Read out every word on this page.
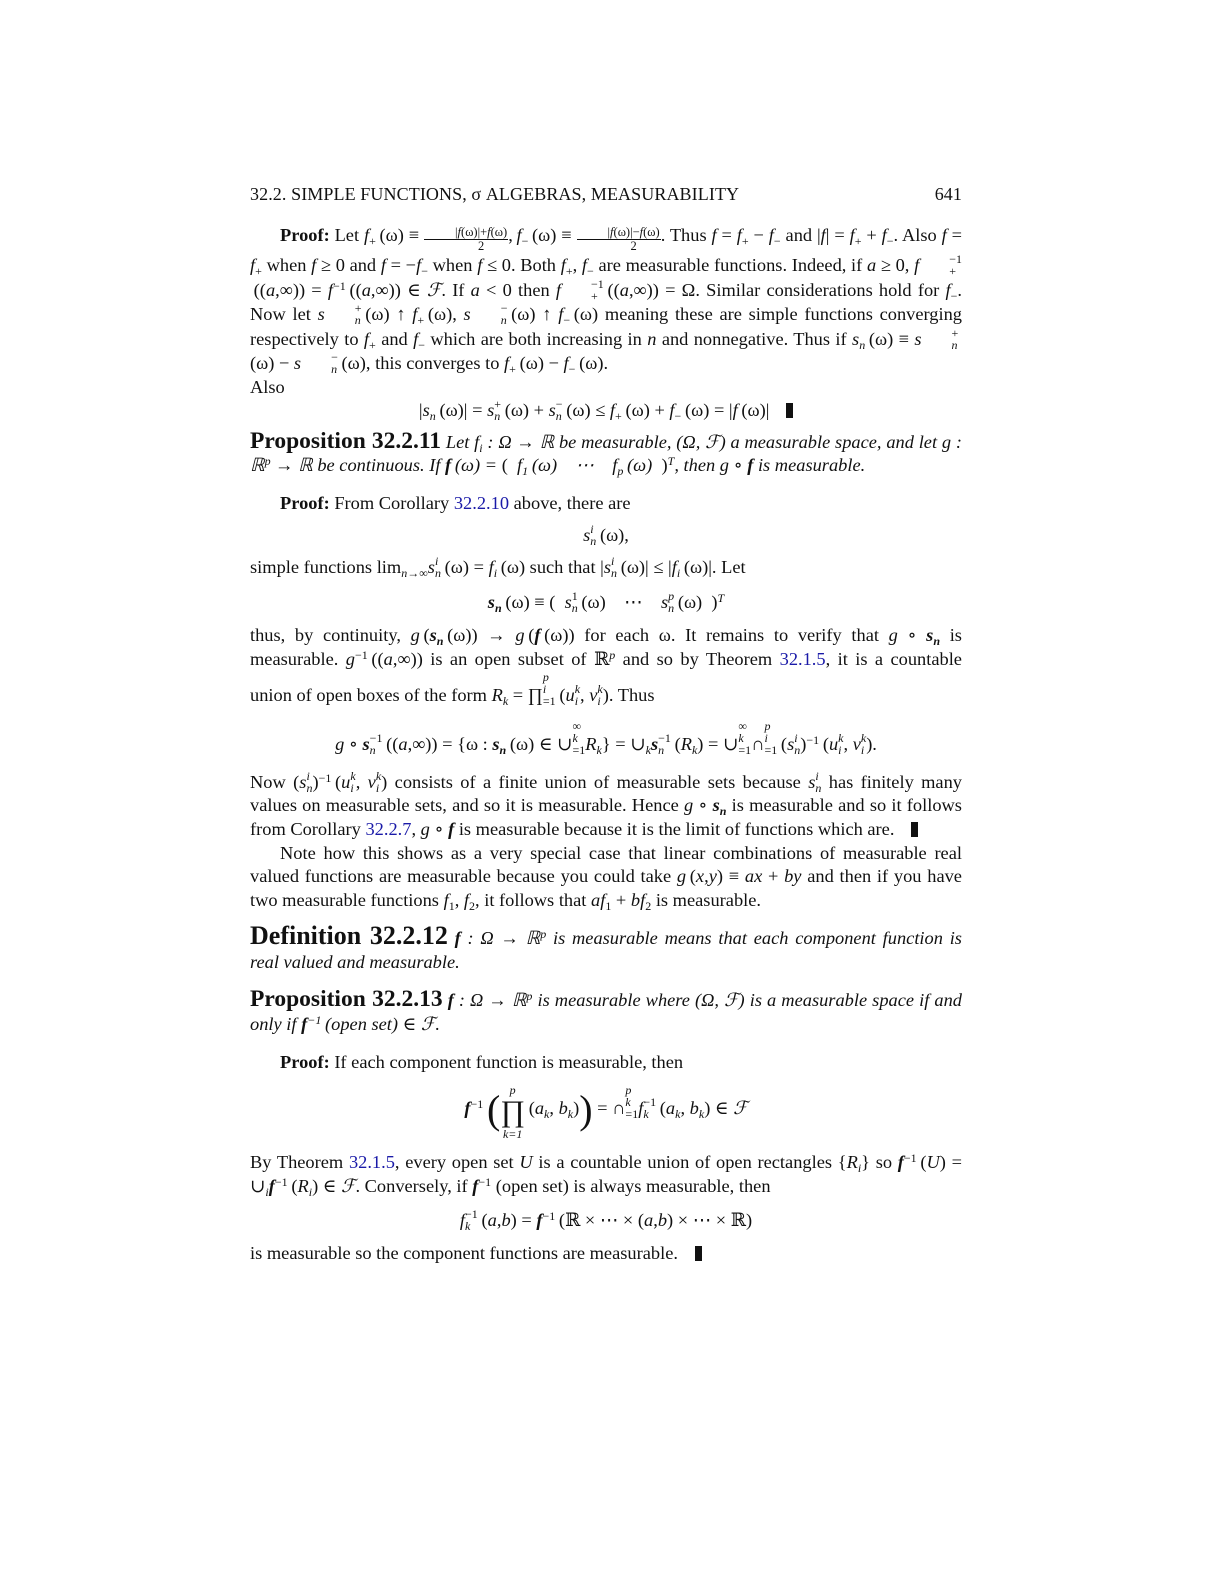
32.2. SIMPLE FUNCTIONS, σ ALGEBRAS, MEASURABILITY	641

Proof: Let $f_+$ $(\omega) \equiv \frac{|f(\omega)|+f(\omega)}{2}$ , $f_-$ $(\omega) \equiv \frac{|f(\omega)|-f(\omega)}{2}$ . Thus $f = f_+ - f_-$ and $|f| = f_+ + f_-$. Also $f = f_+$ when f ≥ 0 and $f = -f_-$ when f ≤ 0. Both $f_+$, $f_-$ are measurable functions. Indeed, if a ≥ 0, f	−1
+
 $((a,\infty)) = f^{-1}$ ((a,∞)) ∈ ℱ. If a < 0 then f	−1
+  ((a,∞)) = Ω. Similar considerations hold for $f_-$. Now let s	+
n  (ω) ↑ $f_+$ (ω), s	−
n  (ω) ↑ $f_-$ (ω) meaning these are simple functions converging respectively to $f_+$ and $f_-$ which are both increasing in n and nonnegative. Thus if $s_n$ (ω) ≡ s	+
n  (ω) − s	−
n  (ω), this converges to $f_+$ $(\omega) - f_-$ (ω).
Also

$|s_n$ (ω)| = s +
n  (ω) + s −
n  $(\omega) \le f_+$ $(\omega) + f_-$ (ω) = |f (ω)|

Proposition 32.2.11 Let $f_i$ : Ω → ℝ be measurable, (Ω, ℱ) a measurable space, and let g : ℝ$^p$ → ℝ be continuous. If f (ω) = (  $f_1$ (ω)  ⋯  $f_p$ (ω) )$^T$, then g ∘ f is measurable.

Proof: From Corollary 32.2.10 above, there are

s i
n  (ω),

simple functions $\lim_{n\to\infty}s$ i
n  $(\omega) = f_i$ (ω) such that |s i
n  $(\omega)| \le |f_i$ (ω)|. Let

$s_n$ (ω) ≡ ( s 1
n  (ω)  ⋯  s p
n  (ω) )$^T$

thus, by continuity, g ($s_n$ (ω)) → g (f (ω)) for each ω. It remains to verify that g ∘ $s_n$ is measurable. $g^{-1}$ ((a,∞)) is an open subset of ℝ$^p$ and so by Theorem 32.1.5, it is a countable union of open boxes of the form $R_k$ = ∏
p
i
=1  (u k
i , v k
i ). Thus

g ∘ s −1
n  ((a,∞)) = {ω : $s_n$ (ω) ∈ ∪
∞
k
=1 $R_k$} = $\cup_ks -1$
n  $(R_k)$ = ∪
∞
k
=1 ∩
p
i
=1  (s i
n )$^{-1}$ (u k
i , v k
i ).

Now (s i
n )$^{-1}$ (u k
i , v k
i ) consists of a finite union of measurable sets because s i
n has finitely many values on measurable sets, and so it is measurable. Hence g ∘ $s_n$ is measurable and so it follows from Corollary 32.2.7, g ∘ f is measurable because it is the limit of functions which are.

Note how this shows as a very special case that linear combinations of measurable real valued functions are measurable because you could take g (x,y) ≡ ax + by and then if you have two measurable functions $f_1$, $f_2$, it follows that $af_1 + bf_2$ is measurable.

Definition 32.2.12 f : Ω → ℝ$^p$ is measurable means that each component function is real valued and measurable.

Proposition 32.2.13 f : Ω → ℝ$^p$ is measurable where (Ω, ℱ) is a measurable space if and only if $f^{-1}$  (open set) ∈ ℱ.

Proof: If each component function is measurable, then

$f^{-1}$ ( p
∏
k=1
 ($a_k$, $b_k$)) = ∩
p
k
=1 f −1
k  ($a_k$, $b_k$) ∈ ℱ

By Theorem 32.1.5, every open set U is a countable union of open rectangles $\{R_i\}$ so $f^{-1}$ $(U) = \cup_if^{-1}$ $(R_i)$ ∈ ℱ. Conversely, if $f^{-1}$ (open set) is always measurable, then

f −1
k  $(a,b) = f^{-1}$ (ℝ × ⋯ × (a,b) × ⋯ × ℝ)

is measurable so the component functions are measurable.
